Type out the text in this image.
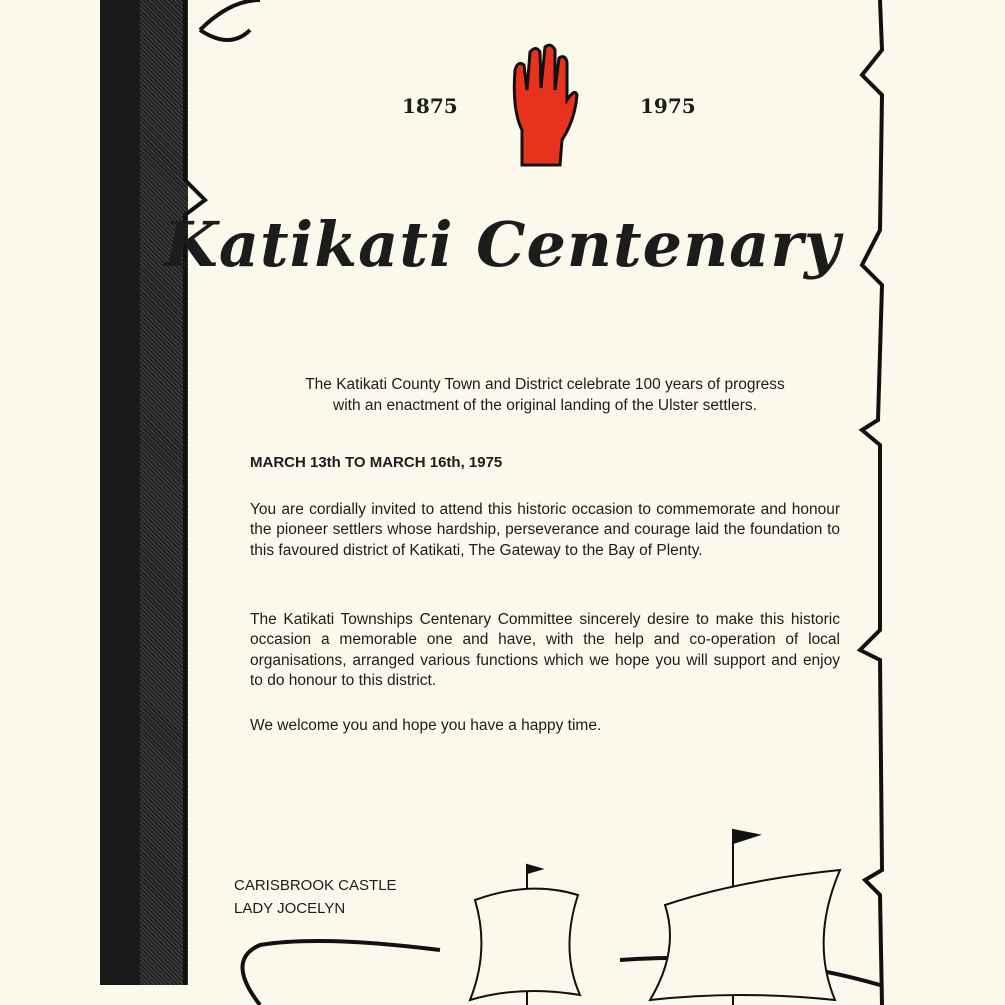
1875	1975
Katikati Centenary
The Katikati County Town and District celebrate 100 years of progress
with an enactment of the original landing of the Ulster settlers.
MARCH 13th TO MARCH 16th, 1975
You are cordially invited to attend this historic occasion to commemorate and honour the pioneer settlers whose hardship, perseverance and courage laid the foundation to this favoured district of Katikati, The Gateway to the Bay of Plenty.
The Katikati Townships Centenary Committee sincerely desire to make this historic occasion a memorable one and have, with the help and co-operation of local organisations, arranged various functions which we hope you will support and enjoy to do honour to this district.
We welcome you and hope you have a happy time.
CARISBROOK CASTLE
LADY JOCELYN
